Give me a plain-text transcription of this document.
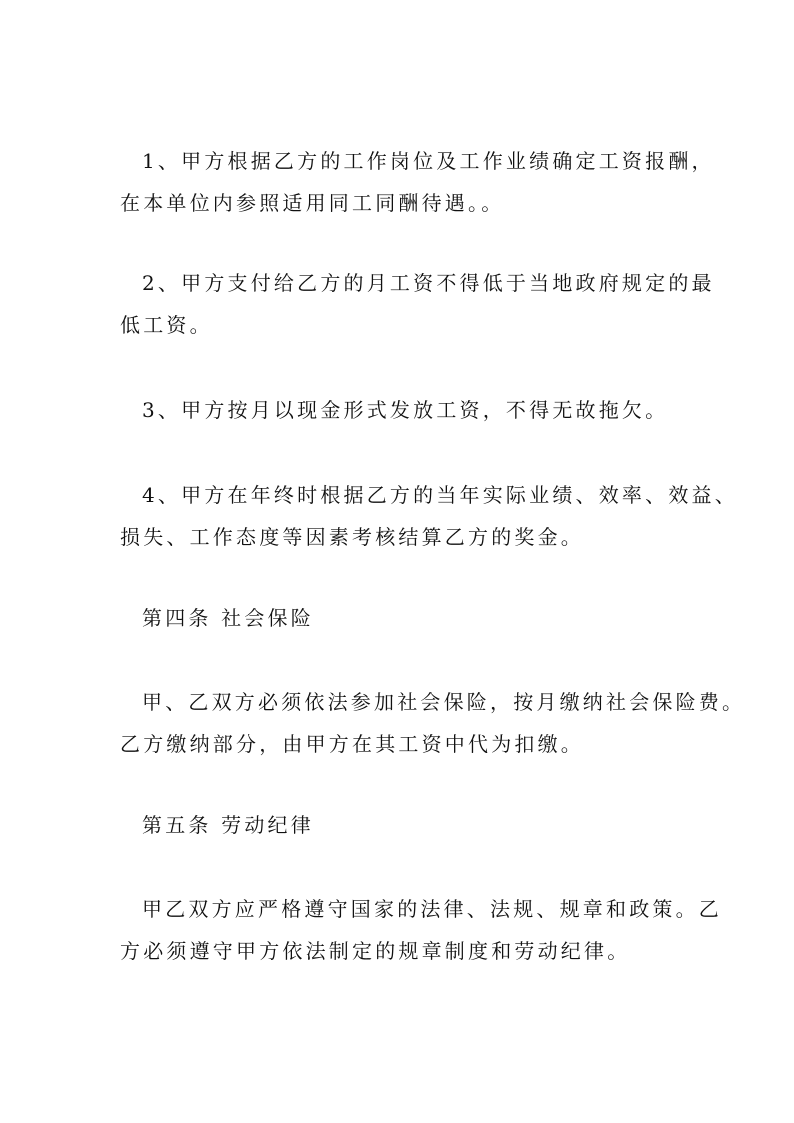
1、甲方根据乙方的工作岗位及工作业绩确定工资报酬，
在本单位内参照适用同工同酬待遇。。
2、甲方支付给乙方的月工资不得低于当地政府规定的最
低工资。
3、甲方按月以现金形式发放工资，不得无故拖欠。
4、甲方在年终时根据乙方的当年实际业绩、效率、效益、
损失、工作态度等因素考核结算乙方的奖金。
第四条 社会保险
甲、乙双方必须依法参加社会保险，按月缴纳社会保险费。
乙方缴纳部分，由甲方在其工资中代为扣缴。
第五条 劳动纪律
甲乙双方应严格遵守国家的法律、法规、规章和政策。乙
方必须遵守甲方依法制定的规章制度和劳动纪律。
